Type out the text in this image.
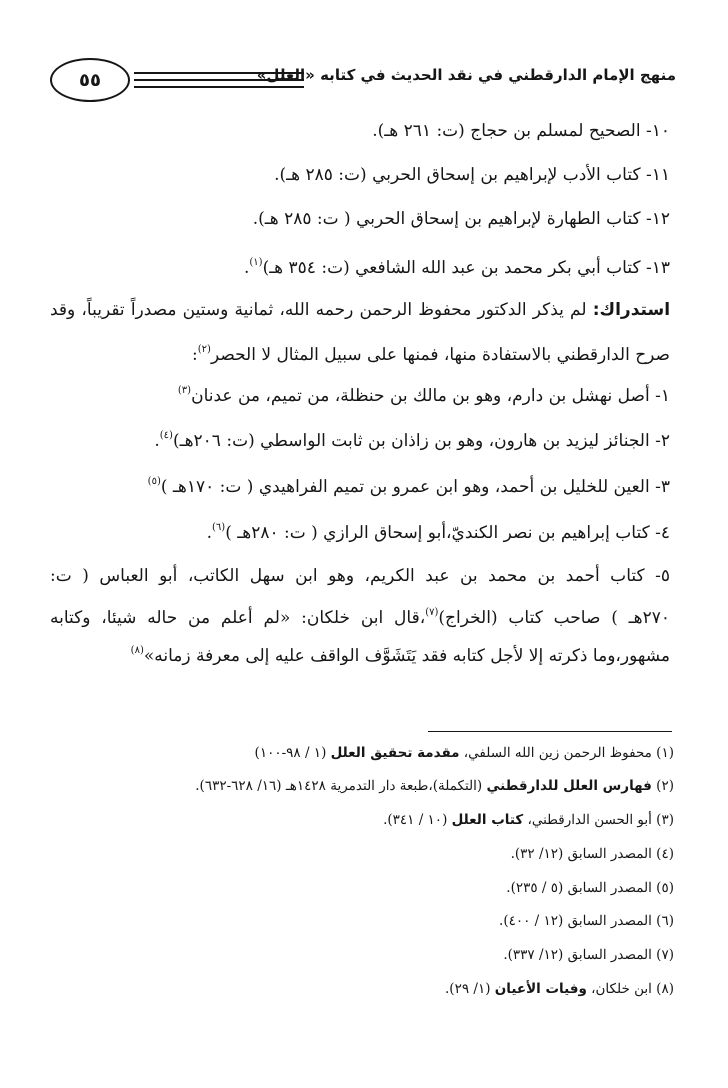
منهج الإمام الدارقطني في نقد الحديث في كتابه «العلل»
٥٥
١٠- الصحيح لمسلم بن حجاج (ت: ٢٦١ هـ).
١١- كتاب الأدب لإبراهيم بن إسحاق الحربي (ت: ٢٨٥ هـ).
١٢- كتاب الطهارة لإبراهيم بن إسحاق الحربي ( ت: ٢٨٥ هـ).
١٣- كتاب أبي بكر محمد بن عبد الله الشافعي (ت: ٣٥٤ هـ)$^{(١)}$.
استدراك: لم يذكر الدكتور محفوظ الرحمن رحمه الله، ثمانية وستين مصدراً تقريباً، وقد
صرح الدارقطني بالاستفادة منها، فمنها على سبيل المثال لا الحصر$^{(٢)}$:
١- أصل نهشل بن دارم، وهو بن مالك بن حنظلة، من تميم، من عدنان$^{(٣)}$
٢- الجنائز ليزيد بن هارون، وهو بن زاذان بن ثابت الواسطي (ت: ٢٠٦هـ)$^{(٤)}$.
٣- العين للخليل بن أحمد، وهو ابن عمرو بن تميم الفراهيدي ( ت: ١٧٠هـ )$^{(٥)}$
٤- كتاب إبراهيم بن نصر الكنديّ،أبو إسحاق الرازي ( ت: ٢٨٠هـ )$^{(٦)}$.
٥- كتاب أحمد بن محمد بن عبد الكريم، وهو ابن سهل الكاتب، أبو العباس ( ت:
٢٧٠هـ ) صاحب كتاب (الخراج)$^{(٧)}$،قال ابن خلكان: «لم أعلم من حاله شيئا، وكتابه
مشهور،وما ذكرته إلا لأجل كتابه فقد يَتَشَوَّف الواقف عليه إلى معرفة زمانه»$^{(٨)}$
(١) محفوظ الرحمن زين الله السلفي، مقدمة تحقيق العلل (١ / ٩٨-١٠٠)
(٢) فهارس العلل للدارقطني (التكملة)،طبعة دار التدمرية ١٤٢٨هـ (١٦/ ٦٢٨-٦٣٢).
(٣) أبو الحسن الدارقطني، كتاب العلل (١٠ / ٣٤١).
(٤) المصدر السابق (١٢/ ٣٢).
(٥) المصدر السابق (٥ / ٢٣٥).
(٦) المصدر السابق (١٢ / ٤٠٠).
(٧) المصدر السابق (١٢/ ٣٣٧).
(٨) ابن خلكان، وفيات الأعيان (١/ ٢٩).
